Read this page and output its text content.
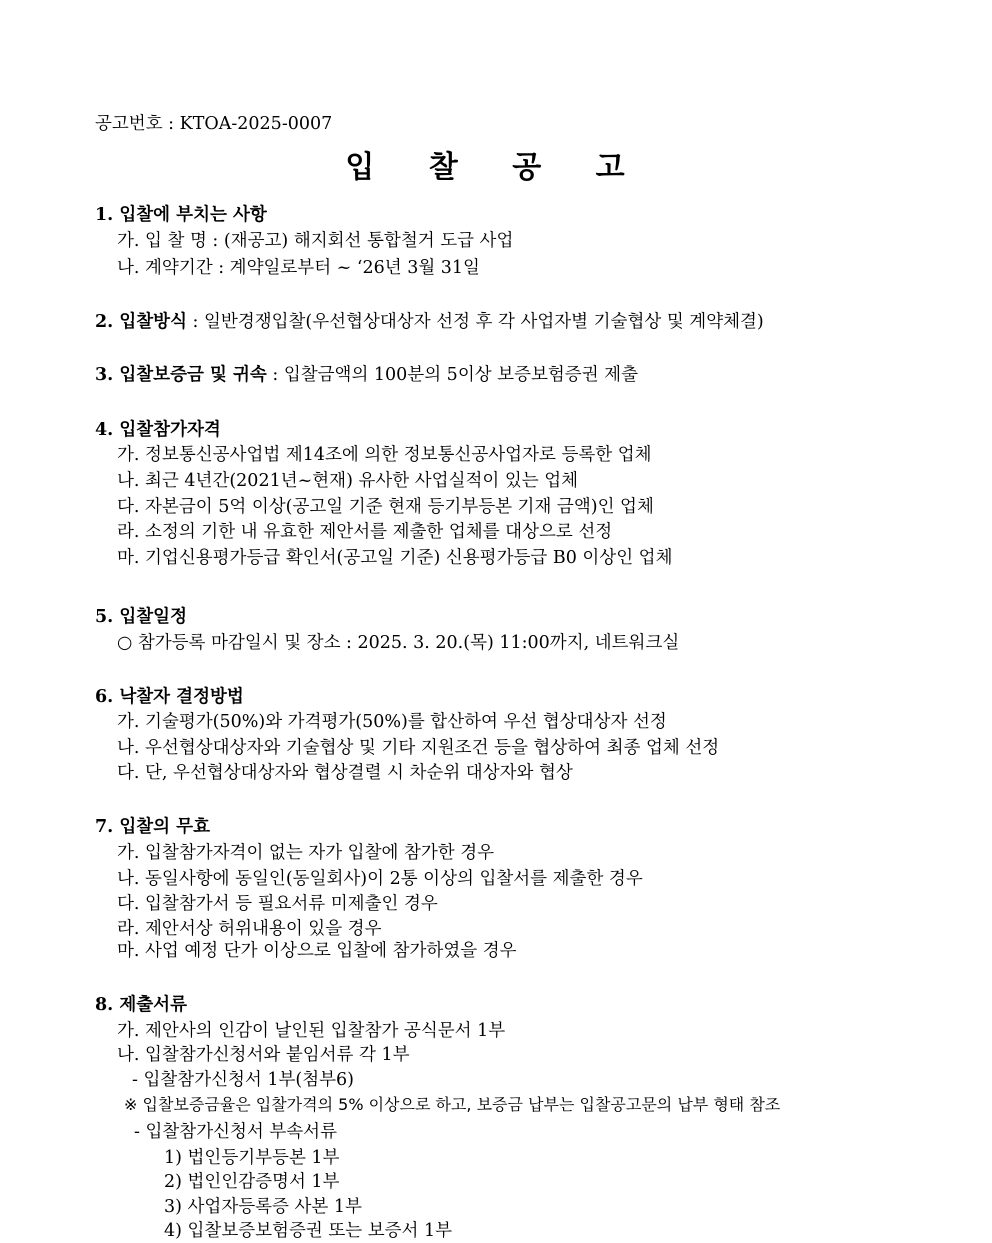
공고번호 : KTOA-2025-0007
입 찰 공 고
1. 입찰에 부치는 사항
가. 입 찰 명 : (재공고) 해지회선 통합철거 도급 사업
나. 계약기간 : 계약일로부터 ~ ‘26년 3월 31일
2. 입찰방식 : 일반경쟁입찰(우선협상대상자 선정 후 각 사업자별 기술협상 및 계약체결)
3. 입찰보증금 및 귀속 : 입찰금액의 100분의 5이상 보증보험증권 제출
4. 입찰참가자격
가. 정보통신공사업법 제14조에 의한 정보통신공사업자로 등록한 업체
나. 최근 4년간(2021년~현재) 유사한 사업실적이 있는 업체
다. 자본금이 5억 이상(공고일 기준 현재 등기부등본 기재 금액)인 업체
라. 소정의 기한 내 유효한 제안서를 제출한 업체를 대상으로 선정
마. 기업신용평가등급 확인서(공고일 기준) 신용평가등급 B0 이상인 업체
5. 입찰일정
○ 참가등록 마감일시 및 장소 : 2025. 3. 20.(목) 11:00까지, 네트워크실
6. 낙찰자 결정방법
가. 기술평가(50%)와 가격평가(50%)를 합산하여 우선 협상대상자 선정
나. 우선협상대상자와 기술협상 및 기타 지원조건 등을 협상하여 최종 업체 선정
다. 단, 우선협상대상자와 협상결렬 시 차순위 대상자와 협상
7. 입찰의 무효
가. 입찰참가자격이 없는 자가 입찰에 참가한 경우
나. 동일사항에 동일인(동일회사)이 2통 이상의 입찰서를 제출한 경우
다. 입찰참가서 등 필요서류 미제출인 경우
라. 제안서상 허위내용이 있을 경우
마. 사업 예정 단가 이상으로 입찰에 참가하였을 경우
8. 제출서류
가. 제안사의 인감이 날인된 입찰참가 공식문서 1부
나. 입찰참가신청서와 붙임서류 각 1부
- 입찰참가신청서 1부(첨부6)
※ 입찰보증금율은 입찰가격의 5% 이상으로 하고, 보증금 납부는 입찰공고문의 납부 형태 참조
- 입찰참가신청서 부속서류
1) 법인등기부등본 1부
2) 법인인감증명서 1부
3) 사업자등록증 사본 1부
4) 입찰보증보험증권 또는 보증서 1부
